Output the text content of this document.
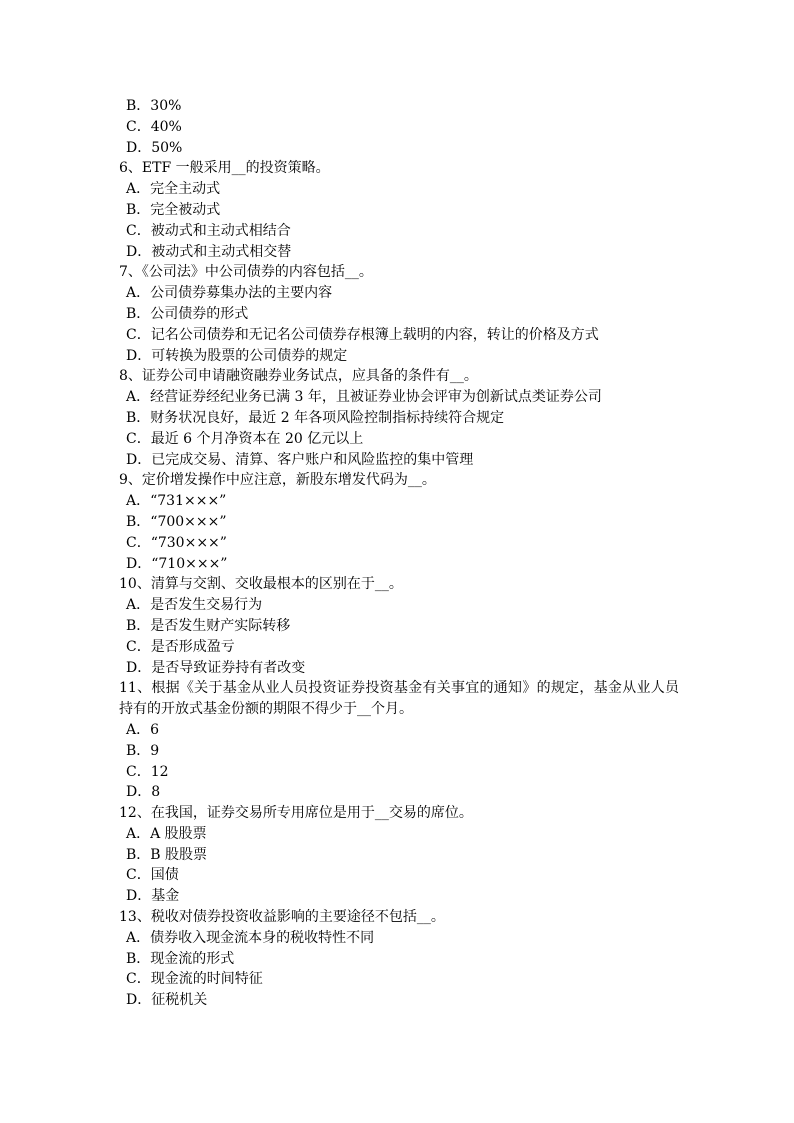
B．30%

C．40%

D．50%

6、ETF 一般采用__的投资策略。

A．完全主动式

B．完全被动式

C．被动式和主动式相结合

D．被动式和主动式相交替

7、《公司法》中公司债券的内容包括__。

A．公司债券募集办法的主要内容

B．公司债券的形式

C．记名公司债券和无记名公司债券存根簿上载明的内容，转让的价格及方式

D．可转换为股票的公司债券的规定

8、证券公司申请融资融券业务试点，应具备的条件有__。

A．经营证券经纪业务已满 3 年，且被证券业协会评审为创新试点类证券公司

B．财务状况良好，最近 2 年各项风险控制指标持续符合规定

C．最近 6 个月净资本在 20 亿元以上

D．已完成交易、清算、客户账户和风险监控的集中管理

9、定价增发操作中应注意，新股东增发代码为__。

A．“731×××”

B．“700×××”

C．“730×××”

D．“710×××”

10、清算与交割、交收最根本的区别在于__。

A．是否发生交易行为

B．是否发生财产实际转移

C．是否形成盈亏

D．是否导致证券持有者改变

11、根据《关于基金从业人员投资证券投资基金有关事宜的通知》的规定，基金从业人员持有的开放式基金份额的期限不得少于__个月。

A．6

B．9

C．12

D．8

12、在我国，证券交易所专用席位是用于__交易的席位。

A．A 股股票

B．B 股股票

C．国债

D．基金

13、税收对债券投资收益影响的主要途径不包括__。

A．债券收入现金流本身的税收特性不同

B．现金流的形式

C．现金流的时间特征

D．征税机关
